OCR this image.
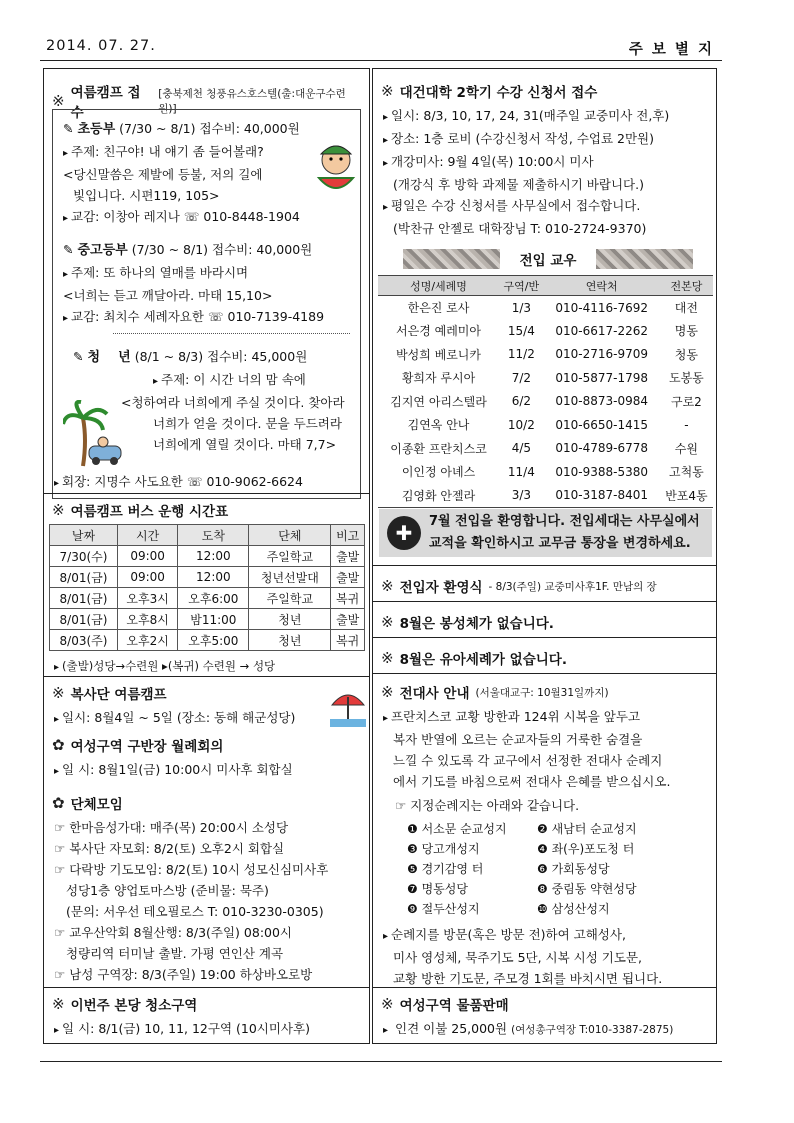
2014. 07. 27.	주 보 별 지
※ 여름캠프 접수
[충북제천 청풍유스호스텔(출:대운구수련원)]
✎ 초등부 (7/30 ~ 8/1) 접수비: 40,000원
▸ 주제: 친구야! 내 얘기 좀 들어볼래?
<당신말씀은 제발에 등불, 저의 길에
빛입니다. 시편119, 105>
▸ 교감: 이창아 레지나 ☏ 010-8448-1904
✎ 중고등부 (7/30 ~ 8/1) 접수비: 40,000원
▸ 주제: 또 하나의 열매를 바라시며
<너희는 듣고 깨달아라. 마태 15,10>
▸ 교감: 최치수 세례자요한 ☏ 010-7139-4189
✎ 청    년 (8/1 ~ 8/3) 접수비: 45,000원
▸ 주제: 이 시간 너의 맘 속에
<청하여라 너희에게 주실 것이다. 찾아라
너희가 얻을 것이다. 문을 두드려라
너희에게 열릴 것이다. 마태 7,7>
▸ 회장: 지명수 사도요한 ☏ 010-9062-6624
※ 여름캠프 버스 운행 시간표
날짜	시간	도착	단체	비고
7/30(수)	09:00	12:00	주일학교	출발
8/01(금)	09:00	12:00	청년선발대	출발
8/01(금)	오후3시	오후6:00	주일학교	복귀
8/01(금)	오후8시	밤11:00	청년	출발
8/03(주)	오후2시	오후5:00	청년	복귀
▸ (출발)성당→수련원 ▸(복귀) 수련원 → 성당
※ 복사단 여름캠프
▸ 일시: 8월4일 ~ 5일 (장소: 동해 해군성당)
✿ 여성구역 구반장 월례회의
▸ 일 시: 8월1일(금) 10:00시 미사후 회합실
✿ 단체모임
☞ 한마음성가대: 매주(목) 20:00시 소성당
☞ 복사단 자모회: 8/2(토) 오후2시 회합실
☞ 다락방 기도모임: 8/2(토) 10시 성모신심미사후
성당1층 양업토마스방 (준비물: 묵주)
(문의: 서우선 테오필로스 T: 010-3230-0305)
☞ 교우산악회 8월산행: 8/3(주일) 08:00시
청량리역 터미날 출발. 가평 연인산 계곡
☞ 남성 구역장: 8/3(주일) 19:00 하상바오로방
※ 이번주 본당 청소구역
▸ 일 시: 8/1(금) 10, 11, 12구역 (10시미사후)
※ 대건대학 2학기 수강 신청서 접수
▸ 일시: 8/3, 10, 17, 24, 31(매주일 교중미사 전,후)
▸ 장소: 1층 로비 (수강신청서 작성, 수업료 2만원)
▸ 개강미사: 9월 4일(목) 10:00시 미사
(개강식 후 방학 과제물 제출하시기 바랍니다.)
▸ 평일은 수강 신청서를 사무실에서 접수합니다.
(박찬규 안젤로 대학장님 T: 010-2724-9370)
전입 교우
성명/세례명	구역/반	연락처	전본당
한은진 로사	1/3	010-4116-7692	대전
서은경 예레미아	15/4	010-6617-2262	명동
박성희 베로니카	11/2	010-2716-9709	청동
황희자 루시아	7/2	010-5877-1798	도봉동
김지연 아리스텔라	6/2	010-8873-0984	구로2
김연옥 안나	10/2	010-6650-1415	-
이종환 프란치스코	4/5	010-4789-6778	수원
이인정 아녜스	11/4	010-9388-5380	고척동
김영화 안젤라	3/3	010-3187-8401	반포4동
✚	7월 전입을 환영합니다. 전입세대는 사무실에서
교적을 확인하시고 교무금 통장을 변경하세요.
※ 전입자 환영식 - 8/3(주일) 교중미사후1F. 만남의 장
※ 8월은 봉성체가 없습니다.
※ 8월은 유아세례가 없습니다.
※ 전대사 안내 (서울대교구: 10월31일까지)
▸ 프란치스코 교황 방한과 124위 시복을 앞두고
복자 반열에 오르는 순교자들의 거룩한 숨결을
느낄 수 있도록 각 교구에서 선정한 전대사 순례지
에서 기도를 바침으로써 전대사 은혜를 받으십시오.
☞ 지정순례지는 아래와 같습니다.
❶ 서소문 순교성지	❷ 새남터 순교성지
❸ 당고개성지	❹ 좌(우)포도청 터
❺ 경기감영 터	❻ 가회동성당
❼ 명동성당	❽ 중림동 약현성당
❾ 절두산성지	❿ 삼성산성지
▸ 순례지를 방문(혹은 방문 전)하여 고해성사,
미사 영성체, 묵주기도 5단, 시복 시성 기도문,
교황 방한 기도문, 주모경 1회를 바치시면 됩니다.
※ 여성구역 물품판매
▸ 인견 이불 25,000원 (여성총구역장 T:010-3387-2875)
